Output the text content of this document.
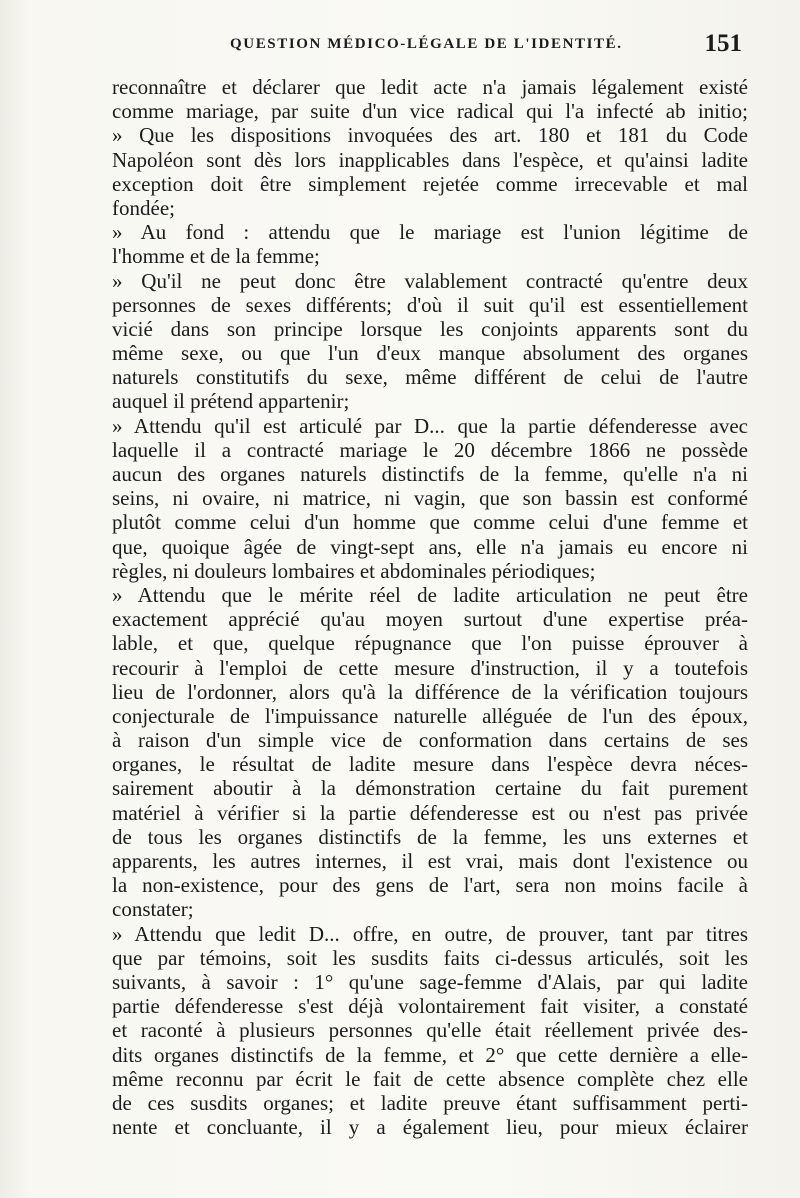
QUESTION MÉDICO-LÉGALE DE L'IDENTITÉ.	151
reconnaître et déclarer que ledit acte n'a jamais légalement existé
comme mariage, par suite d'un vice radical qui l'a infecté ab initio;
» Que les dispositions invoquées des art. 180 et 181 du Code
Napoléon sont dès lors inapplicables dans l'espèce, et qu'ainsi ladite
exception doit être simplement rejetée comme irrecevable et mal
fondée;
» Au fond : attendu que le mariage est l'union légitime de
l'homme et de la femme;
» Qu'il ne peut donc être valablement contracté qu'entre deux
personnes de sexes différents; d'où il suit qu'il est essentiellement
vicié dans son principe lorsque les conjoints apparents sont du
même sexe, ou que l'un d'eux manque absolument des organes
naturels constitutifs du sexe, même différent de celui de l'autre
auquel il prétend appartenir;
» Attendu qu'il est articulé par D... que la partie défenderesse avec
laquelle il a contracté mariage le 20 décembre 1866 ne possède
aucun des organes naturels distinctifs de la femme, qu'elle n'a ni
seins, ni ovaire, ni matrice, ni vagin, que son bassin est conformé
plutôt comme celui d'un homme que comme celui d'une femme et
que, quoique âgée de vingt-sept ans, elle n'a jamais eu encore ni
règles, ni douleurs lombaires et abdominales périodiques;
» Attendu que le mérite réel de ladite articulation ne peut être
exactement apprécié qu'au moyen surtout d'une expertise préa-
lable, et que, quelque répugnance que l'on puisse éprouver à
recourir à l'emploi de cette mesure d'instruction, il y a toutefois
lieu de l'ordonner, alors qu'à la différence de la vérification toujours
conjecturale de l'impuissance naturelle alléguée de l'un des époux,
à raison d'un simple vice de conformation dans certains de ses
organes, le résultat de ladite mesure dans l'espèce devra néces-
sairement aboutir à la démonstration certaine du fait purement
matériel à vérifier si la partie défenderesse est ou n'est pas privée
de tous les organes distinctifs de la femme, les uns externes et
apparents, les autres internes, il est vrai, mais dont l'existence ou
la non-existence, pour des gens de l'art, sera non moins facile à
constater;
» Attendu que ledit D... offre, en outre, de prouver, tant par titres
que par témoins, soit les susdits faits ci-dessus articulés, soit les
suivants, à savoir : 1° qu'une sage-femme d'Alais, par qui ladite
partie défenderesse s'est déjà volontairement fait visiter, a constaté
et raconté à plusieurs personnes qu'elle était réellement privée des-
dits organes distinctifs de la femme, et 2° que cette dernière a elle-
même reconnu par écrit le fait de cette absence complète chez elle
de ces susdits organes; et ladite preuve étant suffisamment perti-
nente et concluante, il y a également lieu, pour mieux éclairer
